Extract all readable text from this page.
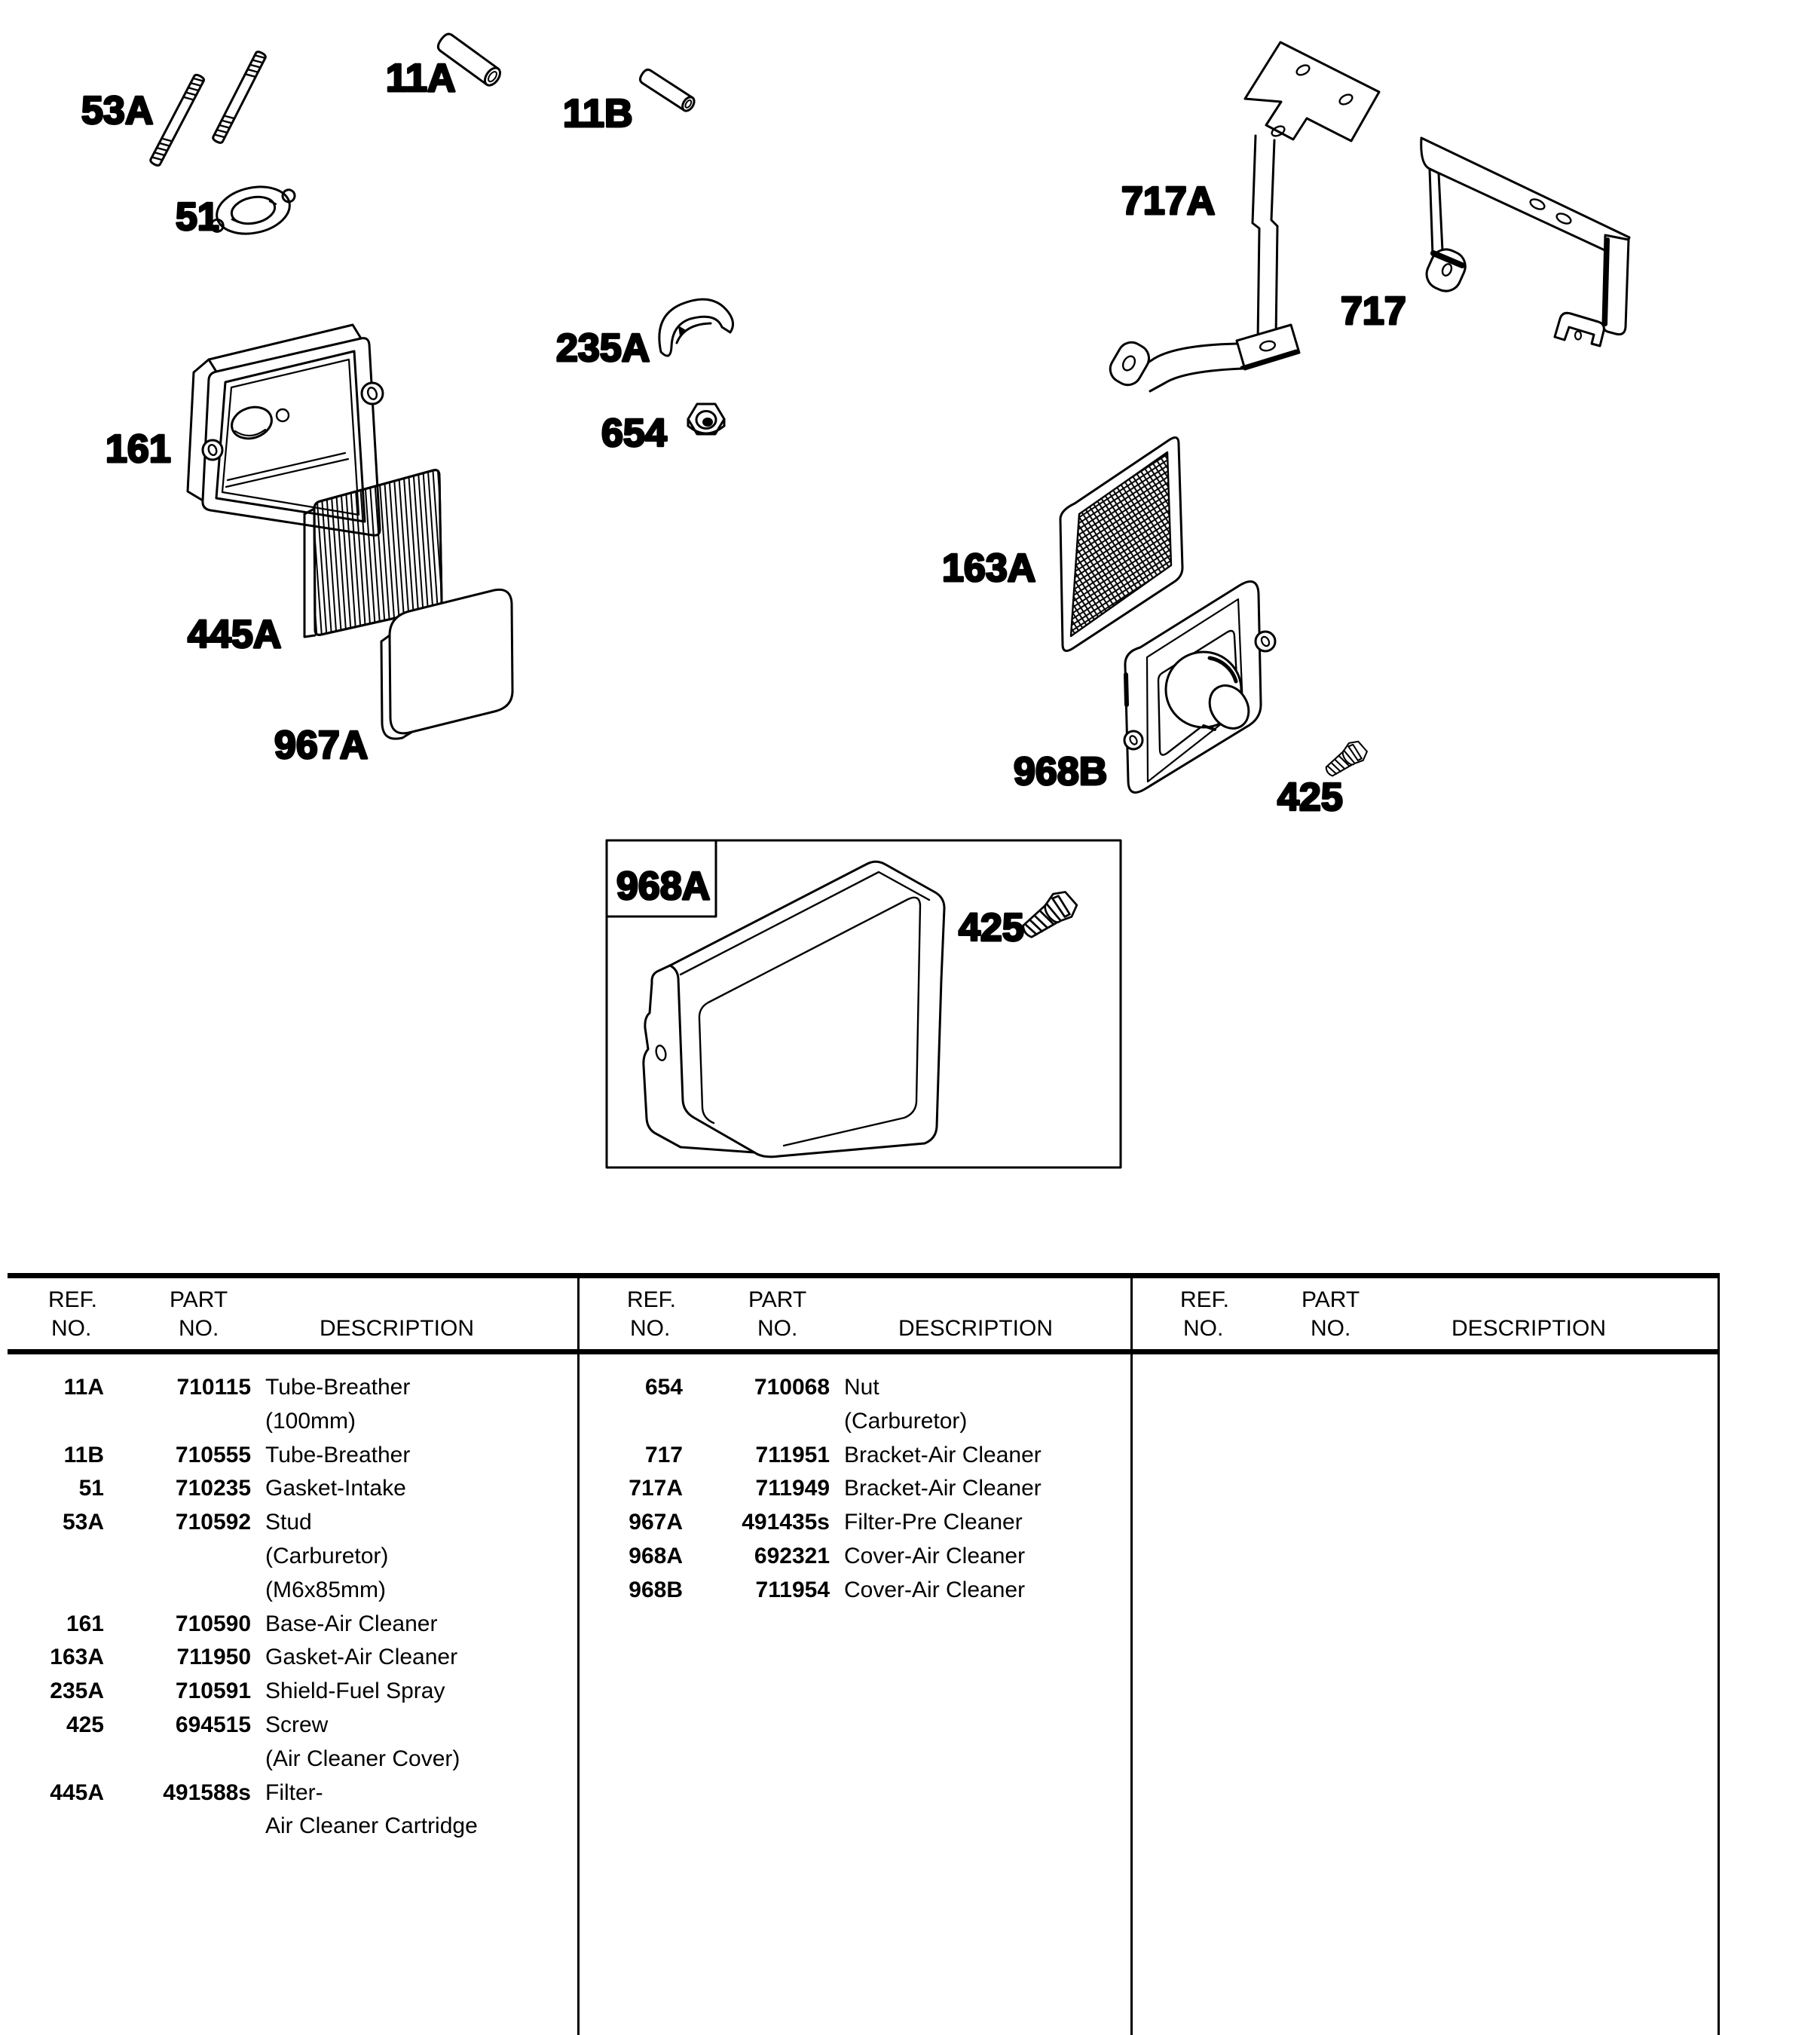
53A
11A
11B
51
235A
654
161
445A
967A
163A
968B
425
717A
717
968A
425
REF.
NO.
PART
NO.	DESCRIPTION
REF.
NO.
PART
NO.	DESCRIPTION
REF.
NO.
PART
NO.	DESCRIPTION
11A	710115 Tube-Breather
(100mm)
11B	710555 Tube-Breather
51	710235 Gasket-Intake
53A	710592 Stud
(Carburetor)
(M6x85mm)
161	710590 Base-Air Cleaner
163A	711950 Gasket-Air Cleaner
235A	710591 Shield-Fuel Spray
425	694515 Screw
(Air Cleaner Cover)
445A	491588s Filter-
Air Cleaner Cartridge
654	710068 Nut
(Carburetor)
717	711951 Bracket-Air Cleaner
717A	711949 Bracket-Air Cleaner
967A	491435s Filter-Pre Cleaner
968A	692321 Cover-Air Cleaner
968B	711954 Cover-Air Cleaner
